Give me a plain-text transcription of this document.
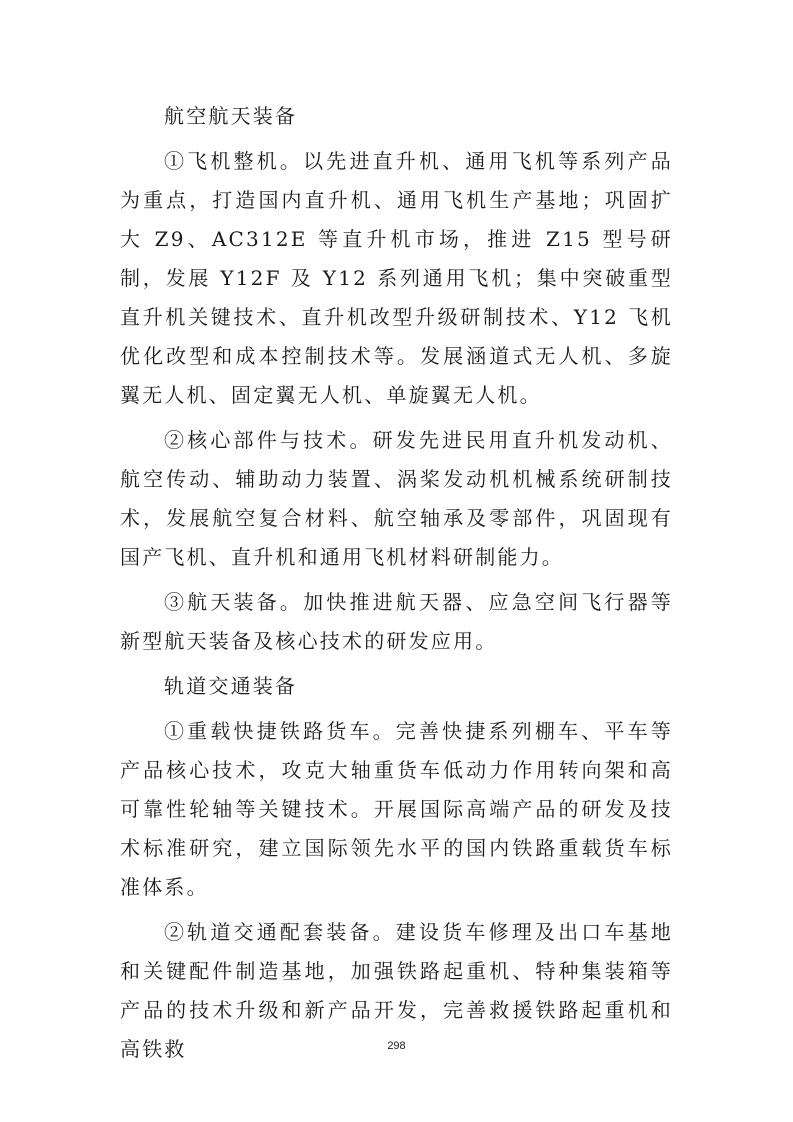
航空航天装备

①飞机整机。以先进直升机、通用飞机等系列产品为重点，打造国内直升机、通用飞机生产基地；巩固扩大 Z9、AC312E 等直升机市场，推进 Z15 型号研制，发展 Y12F 及 Y12 系列通用飞机；集中突破重型直升机关键技术、直升机改型升级研制技术、Y12 飞机优化改型和成本控制技术等。发展涵道式无人机、多旋翼无人机、固定翼无人机、单旋翼无人机。

②核心部件与技术。研发先进民用直升机发动机、航空传动、辅助动力装置、涡桨发动机机械系统研制技术，发展航空复合材料、航空轴承及零部件，巩固现有国产飞机、直升机和通用飞机材料研制能力。

③航天装备。加快推进航天器、应急空间飞行器等新型航天装备及核心技术的研发应用。

轨道交通装备

①重载快捷铁路货车。完善快捷系列棚车、平车等产品核心技术，攻克大轴重货车低动力作用转向架和高可靠性轮轴等关键技术。开展国际高端产品的研发及技术标准研究，建立国际领先水平的国内铁路重载货车标准体系。

②轨道交通配套装备。建设货车修理及出口车基地和关键配件制造基地，加强铁路起重机、特种集装箱等产品的技术升级和新产品开发，完善救援铁路起重机和高铁救	298
